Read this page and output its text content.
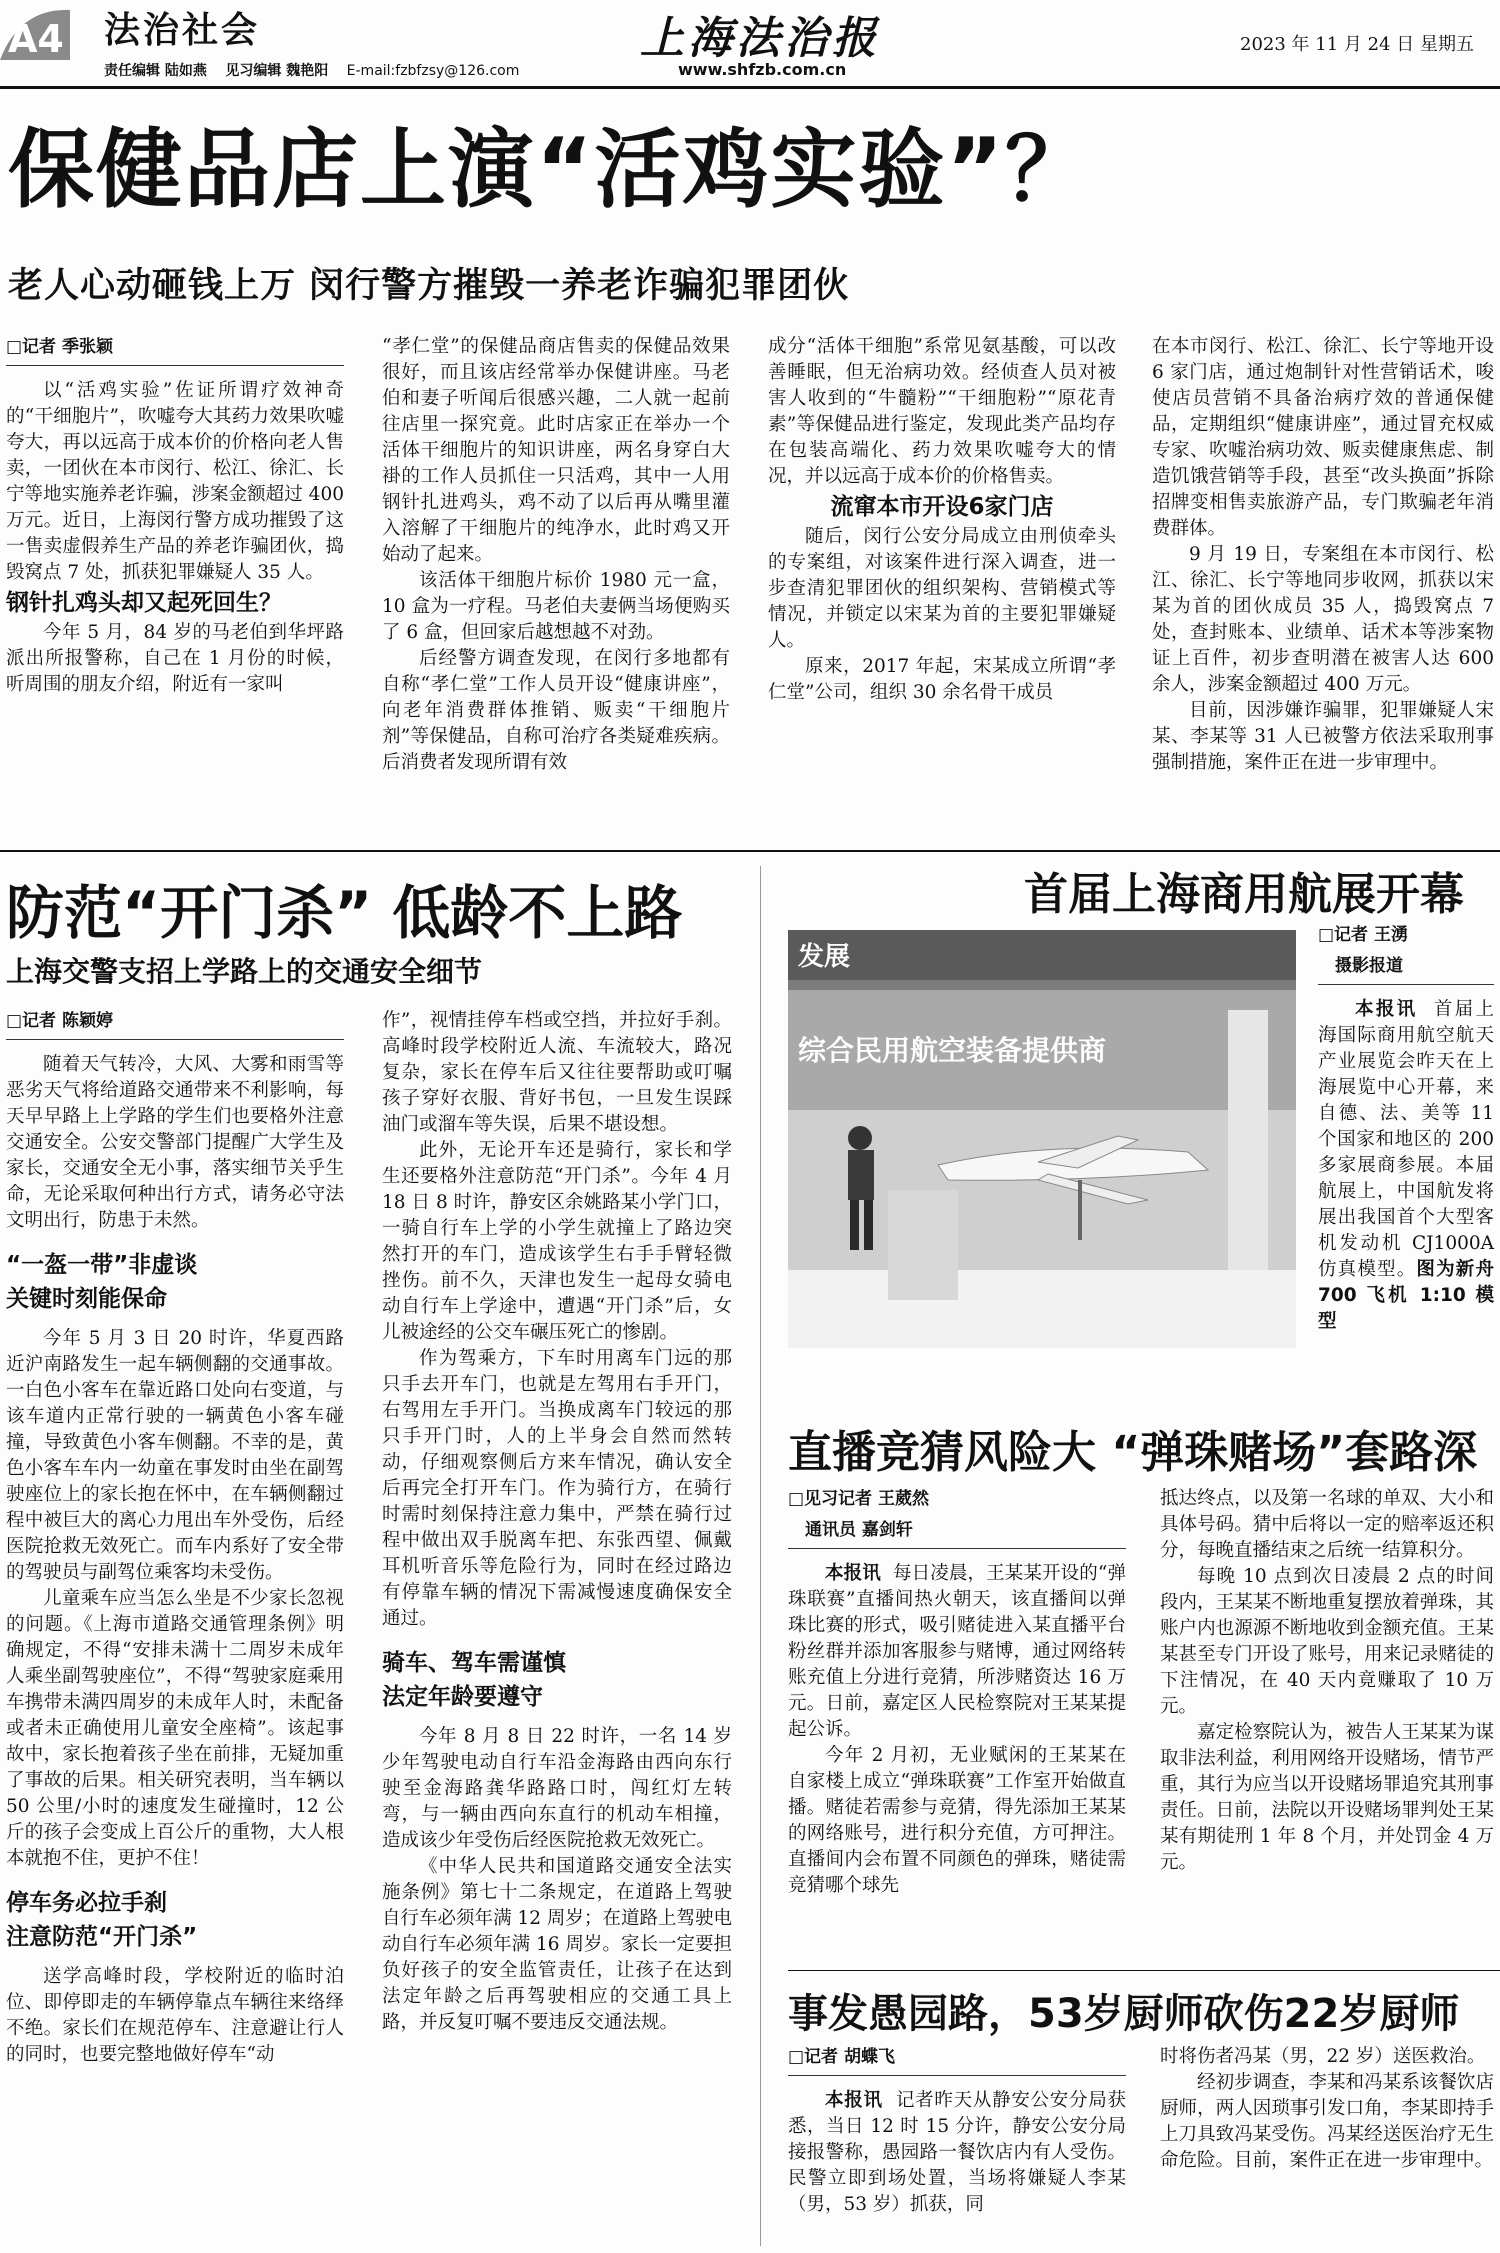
A4 法治社会
责任编辑 陆如燕 见习编辑 魏艳阳 E-mail:fzbfzsy@126.com
上海法治报
www.shfzb.com.cn
2023 年 11 月 24 日 星期五
保健品店上演“活鸡实验”？
老人心动砸钱上万 闵行警方摧毁一养老诈骗犯罪团伙
□记者 季张颖

以“活鸡实验”佐证所谓疗效神奇的“干细胞片”，吹嘘夸大其药力效果吹嘘夸大，再以远高于成本价的价格向老人售卖，一团伙在本市闵行、松江、徐汇、长宁等地实施养老诈骗，涉案金额超过 400 万元。近日，上海闵行警方成功摧毁了这一售卖虚假养生产品的养老诈骗团伙，捣毁窝点 7 处，抓获犯罪嫌疑人 35 人。

钢针扎鸡头却又起死回生？

今年 5 月，84 岁的马老伯到华坪路派出所报警称，自己在 1 月份的时候，听周围的朋友介绍，附近有一家叫

“孝仁堂”的保健品商店售卖的保健品效果很好，而且该店经常举办保健讲座。马老伯和妻子听闻后很感兴趣，二人就一起前往店里一探究竟。此时店家正在举办一个活体干细胞片的知识讲座，两名身穿白大褂的工作人员抓住一只活鸡，其中一人用钢针扎进鸡头，鸡不动了以后再从嘴里灌入溶解了干细胞片的纯净水，此时鸡又开始动了起来。

该活体干细胞片标价 1980 元一盒，10 盒为一疗程。马老伯夫妻俩当场便购买了 6 盒，但回家后越想越不对劲。

后经警方调查发现，在闵行多地都有自称“孝仁堂”工作人员开设“健康讲座”，向老年消费群体推销、贩卖“干细胞片剂”等保健品，自称可治疗各类疑难疾病。后消费者发现所谓有效

成分“活体干细胞”系常见氨基酸，可以改善睡眠，但无治病功效。经侦查人员对被害人收到的“牛髓粉”“干细胞粉”“原花青素”等保健品进行鉴定，发现此类产品均存在包装高端化、药力效果吹嘘夸大的情况，并以远高于成本价的价格售卖。

流窜本市开设6家门店

随后，闵行公安分局成立由刑侦牵头的专案组，对该案件进行深入调查，进一步查清犯罪团伙的组织架构、营销模式等情况，并锁定以宋某为首的主要犯罪嫌疑人。

原来，2017 年起，宋某成立所谓“孝仁堂”公司，组织 30 余名骨干成员

在本市闵行、松江、徐汇、长宁等地开设 6 家门店，通过炮制针对性营销话术，唆使店员营销不具备治病疗效的普通保健品，定期组织“健康讲座”，通过冒充权威专家、吹嘘治病功效、贩卖健康焦虑、制造饥饿营销等手段，甚至“改头换面”拆除招牌变相售卖旅游产品，专门欺骗老年消费群体。

9 月 19 日，专案组在本市闵行、松江、徐汇、长宁等地同步收网，抓获以宋某为首的团伙成员 35 人，捣毁窝点 7 处，查封账本、业绩单、话术本等涉案物证上百件，初步查明潜在被害人达 600 余人，涉案金额超过 400 万元。

目前，因涉嫌诈骗罪，犯罪嫌疑人宋某、李某等 31 人已被警方依法采取刑事强制措施，案件正在进一步审理中。

防范“开门杀” 低龄不上路
上海交警支招上学路上的交通安全细节
□记者 陈颖婷

随着天气转冷，大风、大雾和雨雪等恶劣天气将给道路交通带来不利影响，每天早早路上上学路的学生们也要格外注意交通安全。公安交警部门提醒广大学生及家长，交通安全无小事，落实细节关乎生命，无论采取何种出行方式，请务必守法文明出行，防患于未然。

“一盔一带”非虚谈
关键时刻能保命

今年 5 月 3 日 20 时许，华夏西路近沪南路发生一起车辆侧翻的交通事故。一白色小客车在靠近路口处向右变道，与该车道内正常行驶的一辆黄色小客车碰撞，导致黄色小客车侧翻。不幸的是，黄色小客车车内一幼童在事发时由坐在副驾驶座位上的家长抱在怀中，在车辆侧翻过程中被巨大的离心力甩出车外受伤，后经医院抢救无效死亡。而车内系好了安全带的驾驶员与副驾位乘客均未受伤。

儿童乘车应当怎么坐是不少家长忽视的问题。《上海市道路交通管理条例》明确规定，不得“安排未满十二周岁未成年人乘坐副驾驶座位”，不得“驾驶家庭乘用车携带未满四周岁的未成年人时，未配备或者未正确使用儿童安全座椅”。该起事故中，家长抱着孩子坐在前排，无疑加重了事故的后果。相关研究表明，当车辆以 50 公里/小时的速度发生碰撞时，12 公斤的孩子会变成上百公斤的重物，大人根本就抱不住，更护不住！

停车务必拉手刹
注意防范“开门杀”

送学高峰时段，学校附近的临时泊位、即停即走的车辆停靠点车辆往来络绎不绝。家长们在规范停车、注意避让行人的同时，也要完整地做好停车“动

作”，视情挂停车档或空挡，并拉好手刹。高峰时段学校附近人流、车流较大，路况复杂，家长在停车后又往往要帮助或叮嘱孩子穿好衣服、背好书包，一旦发生误踩油门或溜车等失误，后果不堪设想。

此外，无论开车还是骑行，家长和学生还要格外注意防范“开门杀”。今年 4 月 18 日 8 时许，静安区余姚路某小学门口，一骑自行车上学的小学生就撞上了路边突然打开的车门，造成该学生右手手臂轻微挫伤。前不久，天津也发生一起母女骑电动自行车上学途中，遭遇“开门杀”后，女儿被途经的公交车碾压死亡的惨剧。

作为驾乘方，下车时用离车门远的那只手去开车门，也就是左驾用右手开门，右驾用左手开门。当换成离车门较远的那只手开门时，人的上半身会自然而然转动，仔细观察侧后方来车情况，确认安全后再完全打开车门。作为骑行方，在骑行时需时刻保持注意力集中，严禁在骑行过程中做出双手脱离车把、东张西望、佩戴耳机听音乐等危险行为，同时在经过路边有停靠车辆的情况下需减慢速度确保安全通过。

骑车、驾车需谨慎
法定年龄要遵守

今年 8 月 8 日 22 时许，一名 14 岁少年驾驶电动自行车沿金海路由西向东行驶至金海路龚华路路口时，闯红灯左转弯，与一辆由西向东直行的机动车相撞，造成该少年受伤后经医院抢救无效死亡。

《中华人民共和国道路交通安全法实施条例》第七十二条规定，在道路上驾驶自行车必须年满 12 周岁；在道路上驾驶电动自行车必须年满 16 周岁。家长一定要担负好孩子的安全监管责任，让孩子在达到法定年龄之后再驾驶相应的交通工具上路，并反复叮嘱不要违反交通法规。

首届上海商用航展开幕
发展
综合民用航空装备提供商
□记者 王湧
摄影报道

本报讯 首届上海国际商用航空航天产业展览会昨天在上海展览中心开幕，来自德、法、美等 11 个国家和地区的 200 多家展商参展。本届航展上，中国航发将展出我国首个大型客机发动机 CJ1000A 仿真模型。图为新舟 700 飞机 1:10 模型

直播竞猜风险大 “弹珠赌场”套路深
□见习记者 王葳然
通讯员 嘉剑轩

本报讯 每日凌晨，王某某开设的“弹珠联赛”直播间热火朝天，该直播间以弹珠比赛的形式，吸引赌徒进入某直播平台粉丝群并添加客服参与赌博，通过网络转账充值上分进行竞猜，所涉赌资达 16 万元。日前，嘉定区人民检察院对王某某提起公诉。

今年 2 月初，无业赋闲的王某某在自家楼上成立“弹珠联赛”工作室开始做直播。赌徒若需参与竞猜，得先添加王某某的网络账号，进行积分充值，方可押注。直播间内会布置不同颜色的弹珠，赌徒需竞猜哪个球先

抵达终点，以及第一名球的单双、大小和具体号码。猜中后将以一定的赔率返还积分，每晚直播结束之后统一结算积分。

每晚 10 点到次日凌晨 2 点的时间段内，王某某不断地重复摆放着弹珠，其账户内也源源不断地收到金额充值。王某某甚至专门开设了账号，用来记录赌徒的下注情况，在 40 天内竟赚取了 10 万元。

嘉定检察院认为，被告人王某某为谋取非法利益，利用网络开设赌场，情节严重，其行为应当以开设赌场罪追究其刑事责任。日前，法院以开设赌场罪判处王某某有期徒刑 1 年 8 个月，并处罚金 4 万元。

事发愚园路，53岁厨师砍伤22岁厨师
□记者 胡蝶飞

本报讯 记者昨天从静安公安分局获悉，当日 12 时 15 分许，静安公安分局接报警称，愚园路一餐饮店内有人受伤。民警立即到场处置，当场将嫌疑人李某（男，53 岁）抓获，同

时将伤者冯某（男，22 岁）送医救治。

经初步调查，李某和冯某系该餐饮店厨师，两人因琐事引发口角，李某即持手上刀具致冯某受伤。冯某经送医治疗无生命危险。目前，案件正在进一步审理中。
